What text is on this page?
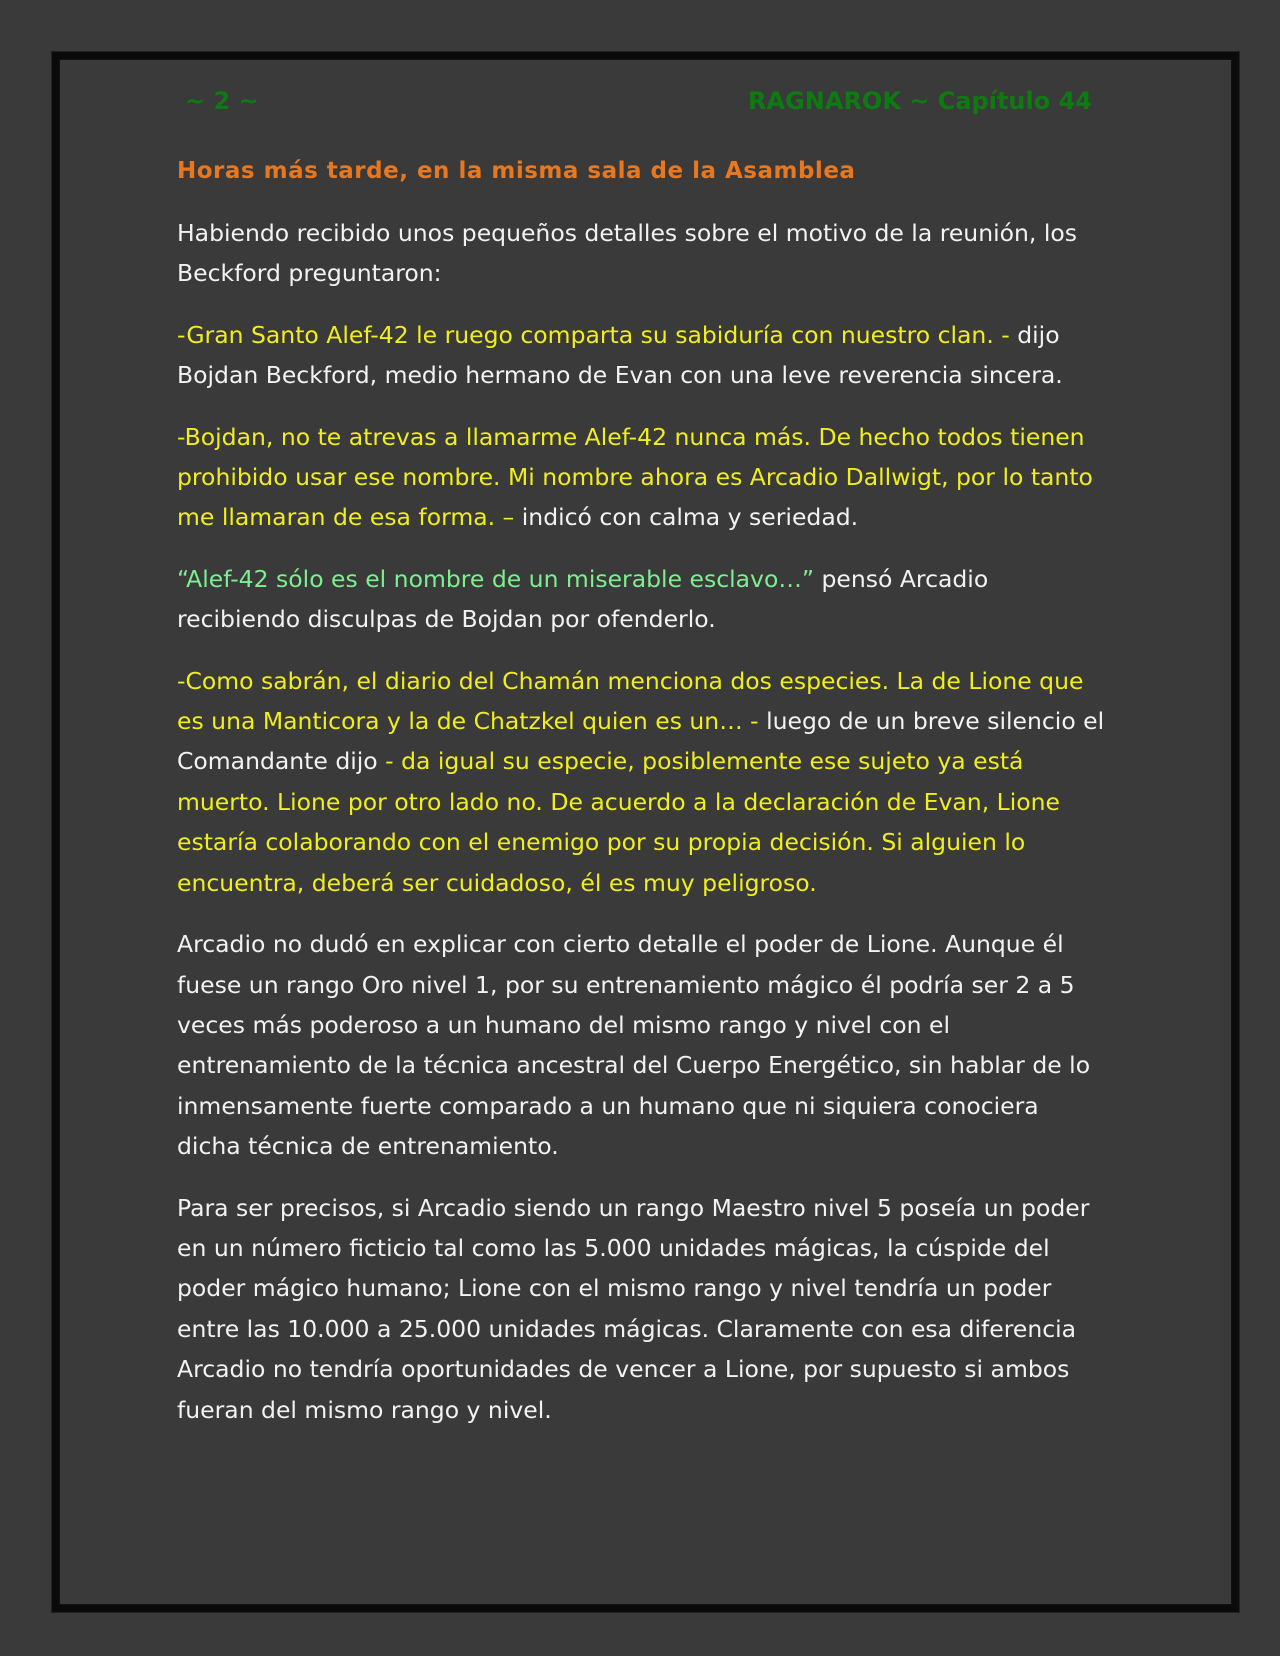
~ 2 ~	RAGNAROK ~ Capítulo 44
Horas más tarde, en la misma sala de la Asamblea

Habiendo recibido unos pequeños detalles sobre el motivo de la reunión, los Beckford preguntaron:

-Gran Santo Alef-42 le ruego comparta su sabiduría con nuestro clan. - dijo Bojdan Beckford, medio hermano de Evan con una leve reverencia sincera.

-Bojdan, no te atrevas a llamarme Alef-42 nunca más. De hecho todos tienen prohibido usar ese nombre. Mi nombre ahora es Arcadio Dallwigt, por lo tanto me llamaran de esa forma. – indicó con calma y seriedad.

“Alef-42 sólo es el nombre de un miserable esclavo…” pensó Arcadio recibiendo disculpas de Bojdan por ofenderlo.

-Como sabrán, el diario del Chamán menciona dos especies. La de Lione que es una Manticora y la de Chatzkel quien es un… - luego de un breve silencio el Comandante dijo - da igual su especie, posiblemente ese sujeto ya está muerto. Lione por otro lado no. De acuerdo a la declaración de Evan, Lione estaría colaborando con el enemigo por su propia decisión. Si alguien lo encuentra, deberá ser cuidadoso, él es muy peligroso.

Arcadio no dudó en explicar con cierto detalle el poder de Lione. Aunque él fuese un rango Oro nivel 1, por su entrenamiento mágico él podría ser 2 a 5 veces más poderoso a un humano del mismo rango y nivel con el entrenamiento de la técnica ancestral del Cuerpo Energético, sin hablar de lo inmensamente fuerte comparado a un humano que ni siquiera conociera dicha técnica de entrenamiento.

Para ser precisos, si Arcadio siendo un rango Maestro nivel 5 poseía un poder en un número ficticio tal como las 5.000 unidades mágicas, la cúspide del poder mágico humano; Lione con el mismo rango y nivel tendría un poder entre las 10.000 a 25.000 unidades mágicas. Claramente con esa diferencia Arcadio no tendría oportunidades de vencer a Lione, por supuesto si ambos fueran del mismo rango y nivel.
